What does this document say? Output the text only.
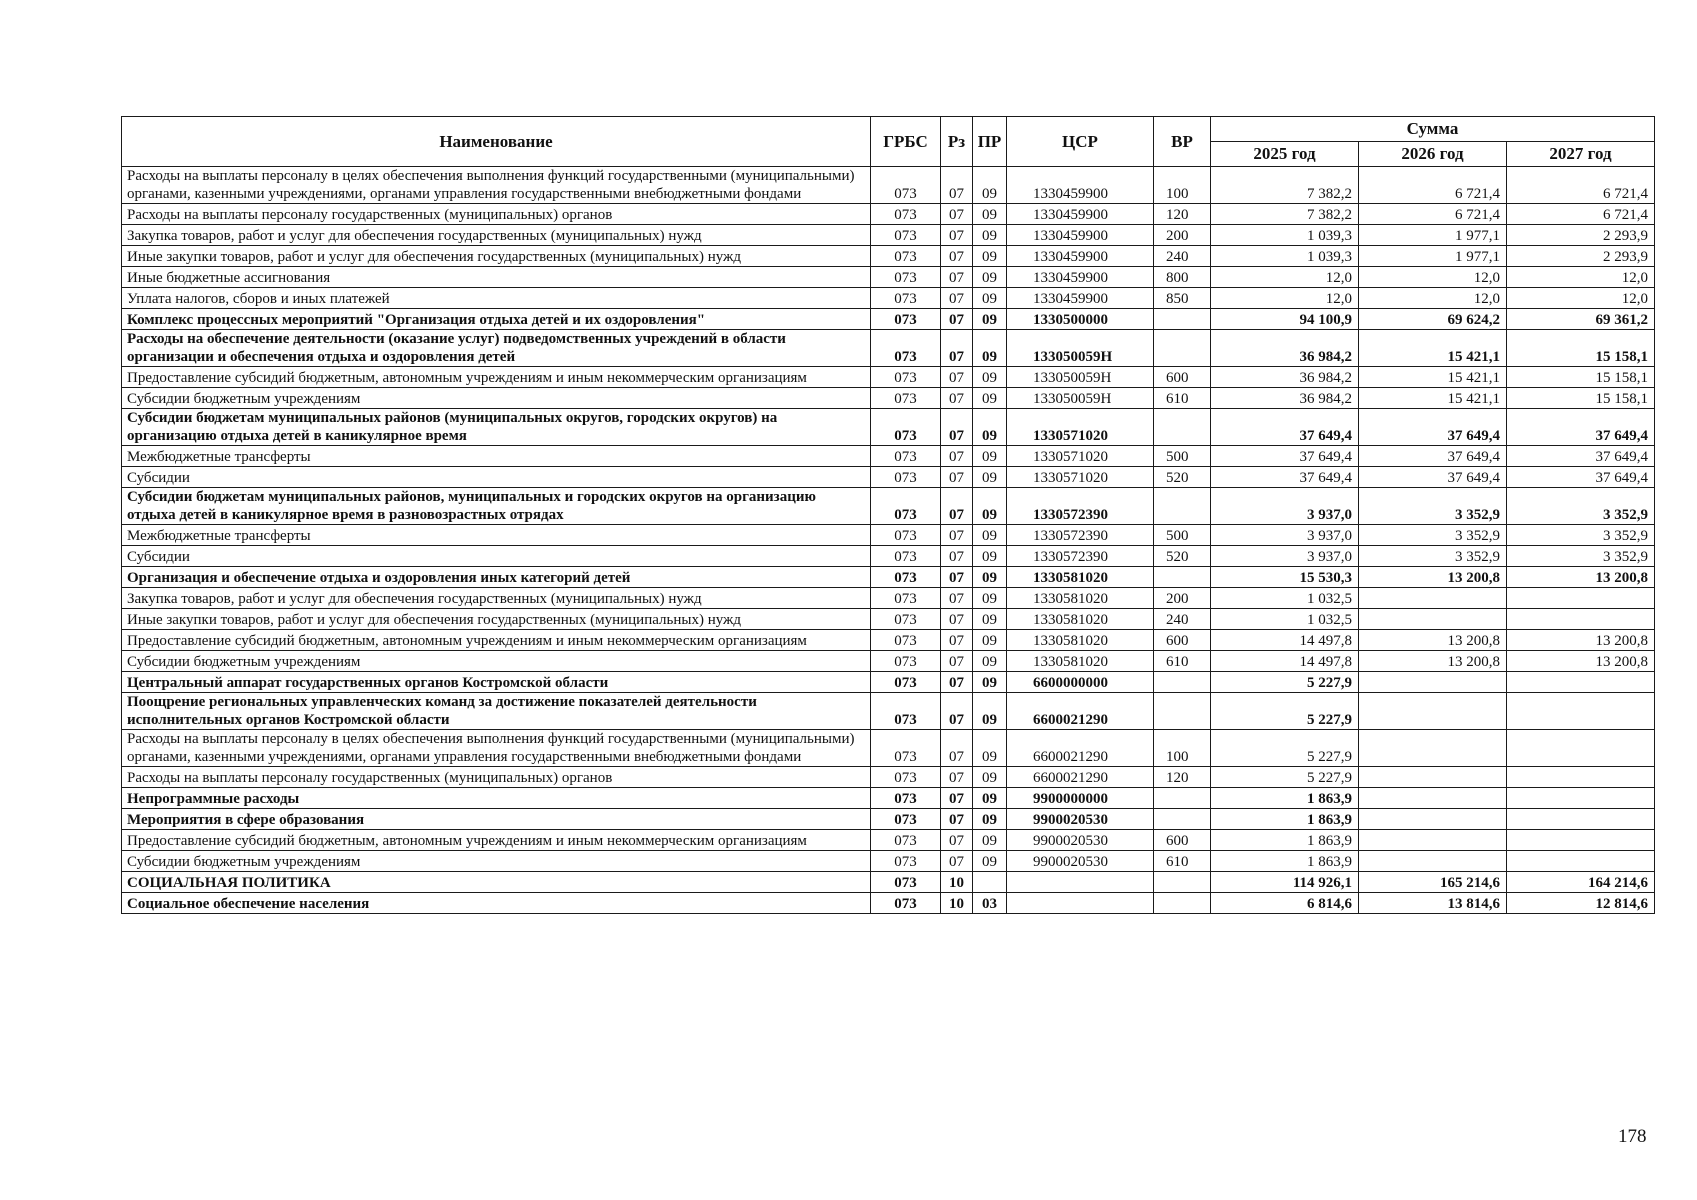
Наименование	ГРБС	Рз	ПР	ЦСР	ВР	Сумма		
						2025 год	2026 год	2027 год
Расходы на выплаты персоналу в целях обеспечения выполнения функций государственными (муниципальными) органами, казенными учреждениями, органами управления государственными внебюджетными фондами	073	07	09	1330459900	100	7 382,2	6 721,4	6 721,4
Расходы на выплаты персоналу государственных (муниципальных) органов	073	07	09	1330459900	120	7 382,2	6 721,4	6 721,4
Закупка товаров, работ и услуг для обеспечения государственных (муниципальных) нужд	073	07	09	1330459900	200	1 039,3	1 977,1	2 293,9
Иные закупки товаров, работ и услуг для обеспечения государственных (муниципальных) нужд	073	07	09	1330459900	240	1 039,3	1 977,1	2 293,9
Иные бюджетные ассигнования	073	07	09	1330459900	800	12,0	12,0	12,0
Уплата налогов, сборов и иных платежей	073	07	09	1330459900	850	12,0	12,0	12,0
Комплекс процессных мероприятий "Организация отдыха детей и их оздоровления"	073	07	09	1330500000		94 100,9	69 624,2	69 361,2
Расходы на обеспечение деятельности (оказание услуг) подведомственных учреждений в области организации и обеспечения отдыха и оздоровления детей	073	07	09	133050059Н		36 984,2	15 421,1	15 158,1
Предоставление субсидий бюджетным, автономным учреждениям и иным некоммерческим организациям	073	07	09	133050059Н	600	36 984,2	15 421,1	15 158,1
Субсидии бюджетным учреждениям	073	07	09	133050059Н	610	36 984,2	15 421,1	15 158,1
Субсидии бюджетам муниципальных районов (муниципальных округов, городских округов) на организацию отдыха детей в каникулярное время	073	07	09	1330571020		37 649,4	37 649,4	37 649,4
Межбюджетные трансферты	073	07	09	1330571020	500	37 649,4	37 649,4	37 649,4
Субсидии	073	07	09	1330571020	520	37 649,4	37 649,4	37 649,4
Субсидии бюджетам муниципальных районов, муниципальных и городских округов на организацию отдыха детей в каникулярное время в разновозрастных отрядах	073	07	09	1330572390		3 937,0	3 352,9	3 352,9
Межбюджетные трансферты	073	07	09	1330572390	500	3 937,0	3 352,9	3 352,9
Субсидии	073	07	09	1330572390	520	3 937,0	3 352,9	3 352,9
Организация и обеспечение отдыха и оздоровления иных категорий детей	073	07	09	1330581020		15 530,3	13 200,8	13 200,8
Закупка товаров, работ и услуг для обеспечения государственных (муниципальных) нужд	073	07	09	1330581020	200	1 032,5		
Иные закупки товаров, работ и услуг для обеспечения государственных (муниципальных) нужд	073	07	09	1330581020	240	1 032,5		
Предоставление субсидий бюджетным, автономным учреждениям и иным некоммерческим организациям	073	07	09	1330581020	600	14 497,8	13 200,8	13 200,8
Субсидии бюджетным учреждениям	073	07	09	1330581020	610	14 497,8	13 200,8	13 200,8
Центральный аппарат государственных органов Костромской области	073	07	09	6600000000		5 227,9		
Поощрение региональных управленческих команд за достижение показателей деятельности исполнительных органов Костромской области	073	07	09	6600021290		5 227,9		
Расходы на выплаты персоналу в целях обеспечения выполнения функций государственными (муниципальными) органами, казенными учреждениями, органами управления государственными внебюджетными фондами	073	07	09	6600021290	100	5 227,9		
Расходы на выплаты персоналу государственных (муниципальных) органов	073	07	09	6600021290	120	5 227,9		
Непрограммные расходы	073	07	09	9900000000		1 863,9		
Мероприятия в сфере образования	073	07	09	9900020530		1 863,9		
Предоставление субсидий бюджетным, автономным учреждениям и иным некоммерческим организациям	073	07	09	9900020530	600	1 863,9		
Субсидии бюджетным учреждениям	073	07	09	9900020530	610	1 863,9		
СОЦИАЛЬНАЯ ПОЛИТИКА	073	10				114 926,1	165 214,6	164 214,6
Социальное обеспечение населения	073	10	03			6 814,6	13 814,6	12 814,6
178
